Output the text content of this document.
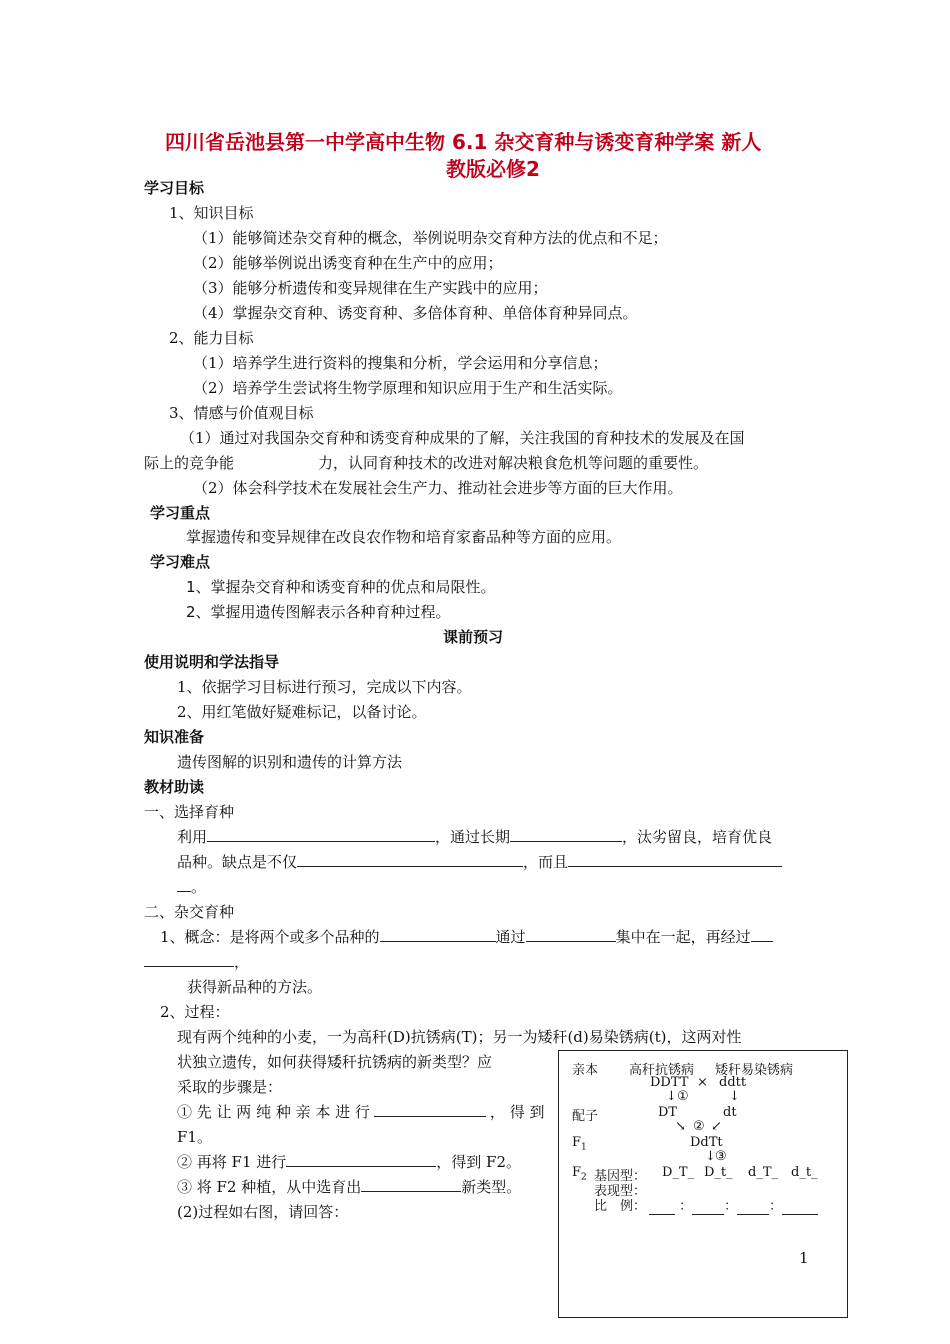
四川省岳池县第一中学高中生物 6.1 杂交育种与诱变育种学案 新人
教版必修2
学习目标
1、知识目标
（1）能够简述杂交育种的概念，举例说明杂交育种方法的优点和不足；
（2）能够举例说出诱变育种在生产中的应用；
（3）能够分析遗传和变异规律在生产实践中的应用；
（4）掌握杂交育种、诱变育种、多倍体育种、单倍体育种异同点。
2、能力目标
（1）培养学生进行资料的搜集和分析，学会运用和分享信息；
（2）培养学生尝试将生物学原理和知识应用于生产和生活实际。
3、情感与价值观目标
（1）通过对我国杂交育种和诱变育种成果的了解，关注我国的育种技术的发展及在国
际上的竞争能	力，认同育种技术的改进对解决粮食危机等问题的重要性。
（2）体会科学技术在发展社会生产力、推动社会进步等方面的巨大作用。
学习重点
掌握遗传和变异规律在改良农作物和培育家畜品种等方面的应用。
学习难点
1、掌握杂交育种和诱变育种的优点和局限性。
2、掌握用遗传图解表示各种育种过程。
课前预习
使用说明和学法指导
1、依据学习目标进行预习，完成以下内容。
2、用红笔做好疑难标记，以备讨论。
知识准备
遗传图解的识别和遗传的计算方法
教材助读
一、选择育种
利用	，通过长期	，汰劣留良，培育优良
品种。缺点是不仅	，而且
。
二、杂交育种
1、概念：是将两个或多个品种的	通过	集中在一起，再经过
，
获得新品种的方法。
2、过程：
现有两个纯种的小麦，一为高秆(D)抗锈病(T)；另一为矮秆(d)易染锈病(t)，这两对性
状独立遗传，如何获得矮秆抗锈病的新类型？应
采取的步骤是：
① 先 让 两 纯 种 亲 本 进 行	， 得 到
F1。
② 再将 F1 进行	，得到 F2。
③ 将 F2 种植，从中选育出	新类型。
(2)过程如右图，请回答：
亲本 高秆抗锈病 矮秆易染锈病
DDTT × ddtt
↓ ①	↓
配子	DT	dt
↘ ② ↙
$F_1$	DdTt
↓ ③
$F_2$ 基因型： D_T_ D_t_ d_T_ d_t_
表现型：
比　例：	： ： ：
1
